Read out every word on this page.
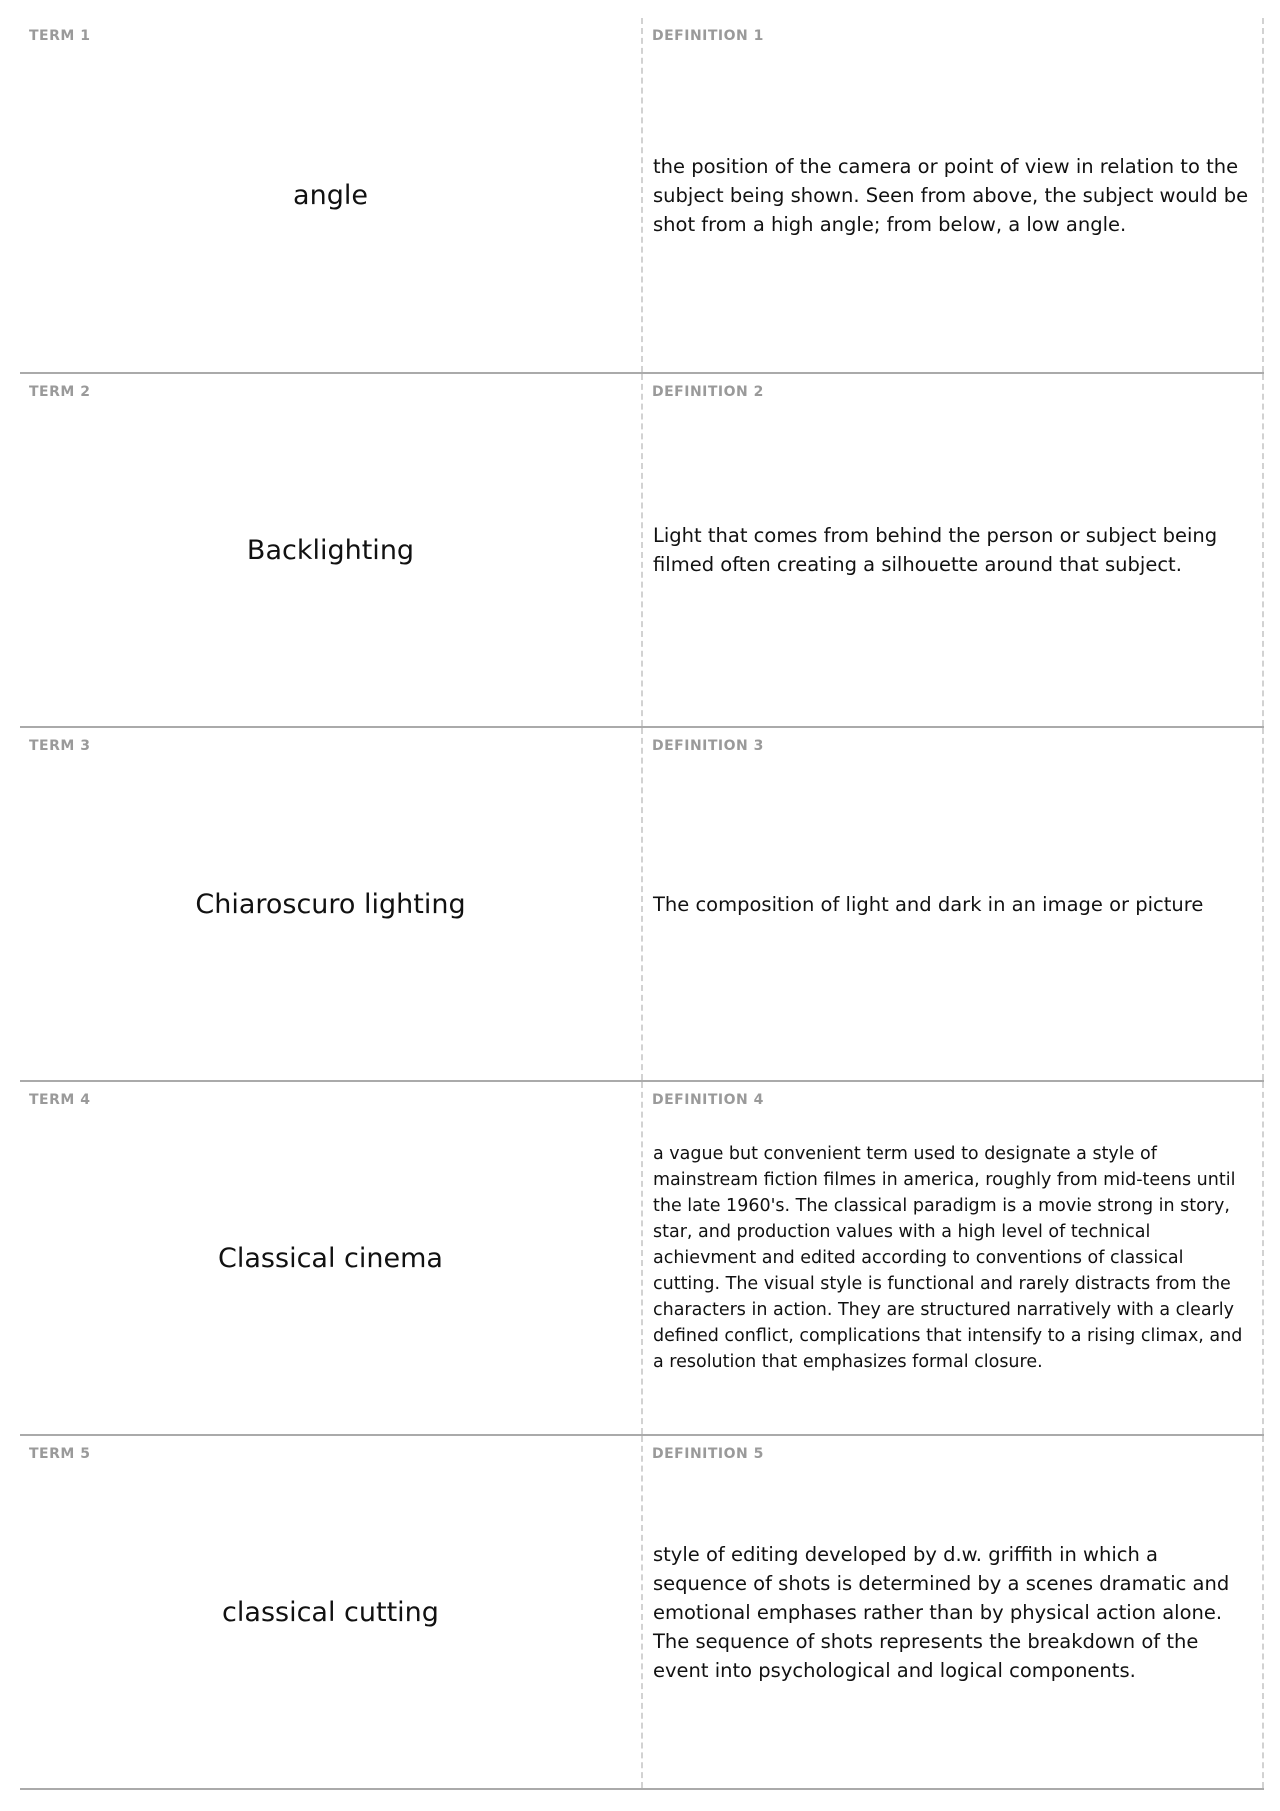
TERM 1

angle

DEFINITION 1

the position of the camera or point of view in relation to the subject being shown. Seen from above, the subject would be shot from a high angle; from below, a low angle.

TERM 2

Backlighting

DEFINITION 2

Light that comes from behind the person or subject being filmed often creating a silhouette around that subject.

TERM 3

Chiaroscuro lighting

DEFINITION 3

The composition of light and dark in an image or picture

TERM 4

Classical cinema

DEFINITION 4

a vague but convenient term used to designate a style of mainstream fiction filmes in america, roughly from mid-teens until the late 1960's. The classical paradigm is a movie strong in story, star, and production values with a high level of technical achievment and edited according to conventions of classical cutting. The visual style is functional and rarely distracts from the characters in action. They are structured narratively with a clearly defined conflict, complications that intensify to a rising climax, and a resolution that emphasizes formal closure.

TERM 5

classical cutting

DEFINITION 5

style of editing developed by d.w. griffith in which a sequence of shots is determined by a scenes dramatic and emotional emphases rather than by physical action alone. The sequence of shots represents the breakdown of the event into psychological and logical components.
